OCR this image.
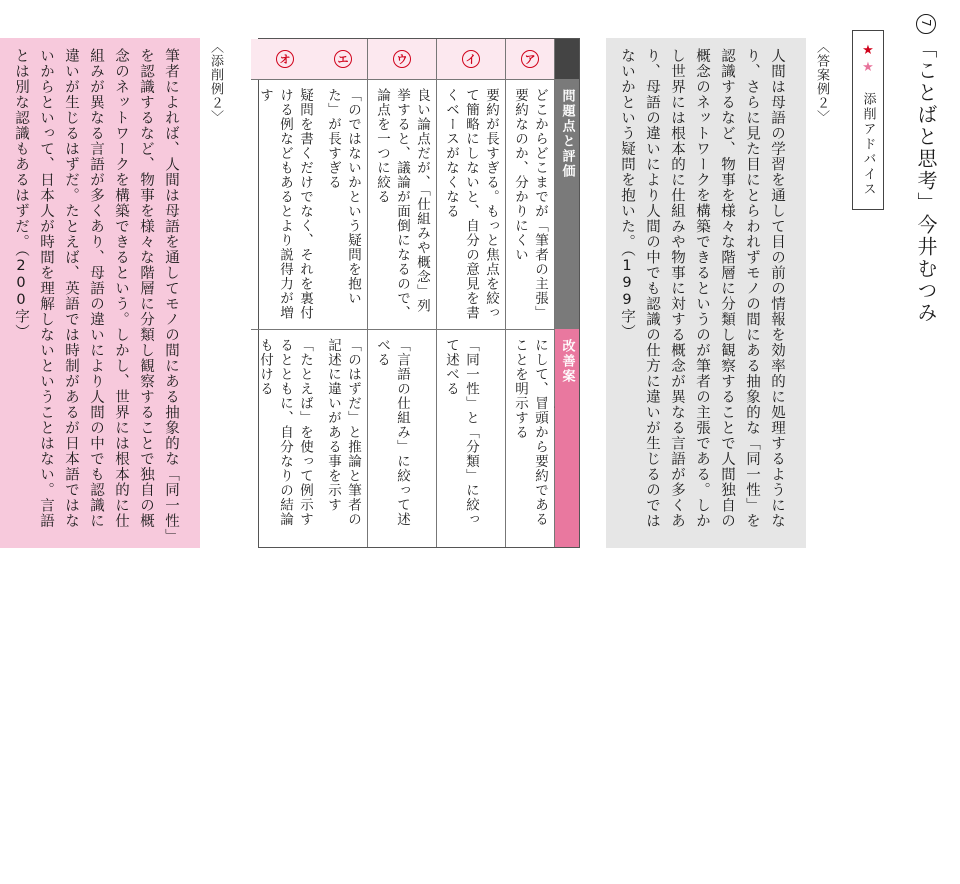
7「ことばと思考」今井むつみ
★★　添削アドバイス
〈答案例２〉
人間は母語の学習を通して目の前の情報を効率的に処理するようになり、さらに見た目にとらわれずモノの間にある抽象的な「同一性」を認識するなど、物事を様々な階層に分類し観察することで人間独自の概念のネットワークを構築できるというのが筆者の主張である。しかし世界には根本的に仕組みや物事に対する概念が異なる言語が多くあり、母語の違いにより人間の中でも認識の仕方に違いが生じるのではないかという疑問を抱いた。（199字）
問題点と評価
改善案
ア
どこからどこまでが「筆者の主張」要約なのか、分かりにくい
にして、冒頭から要約であることを明示する
イ
要約が長すぎる。もっと焦点を絞って簡略にしないと、自分の意見を書くベースがなくなる
「同一性」と「分類」に絞って述べる
ウ
良い論点だが、「仕組みや概念」列挙すると、議論が面倒になるので、論点を一つに絞る
「言語の仕組み」に絞って述べる
エ
「のではないかという疑問を抱いた」が長すぎる
「のはずだ」と推論と筆者の記述に違いがある事を示す
オ
疑問を書くだけでなく、それを裏付ける例などもあるとより説得力が増す
「たとえば」を使って例示するとともに、自分なりの結論も付ける
〈添削例２〉
筆者によれば、人間は母語を通してモノの間にある抽象的な「同一性」を認識するなど、物事を様々な階層に分類し観察することで独自の概念のネットワークを構築できるという。しかし、世界には根本的に仕組みが異なる言語が多くあり、母語の違いにより人間の中でも認識に違いが生じるはずだ。たとえば、英語では時制があるが日本語ではないからといって、日本人が時間を理解しないということはない。言語とは別な認識もあるはずだ。（200字）
